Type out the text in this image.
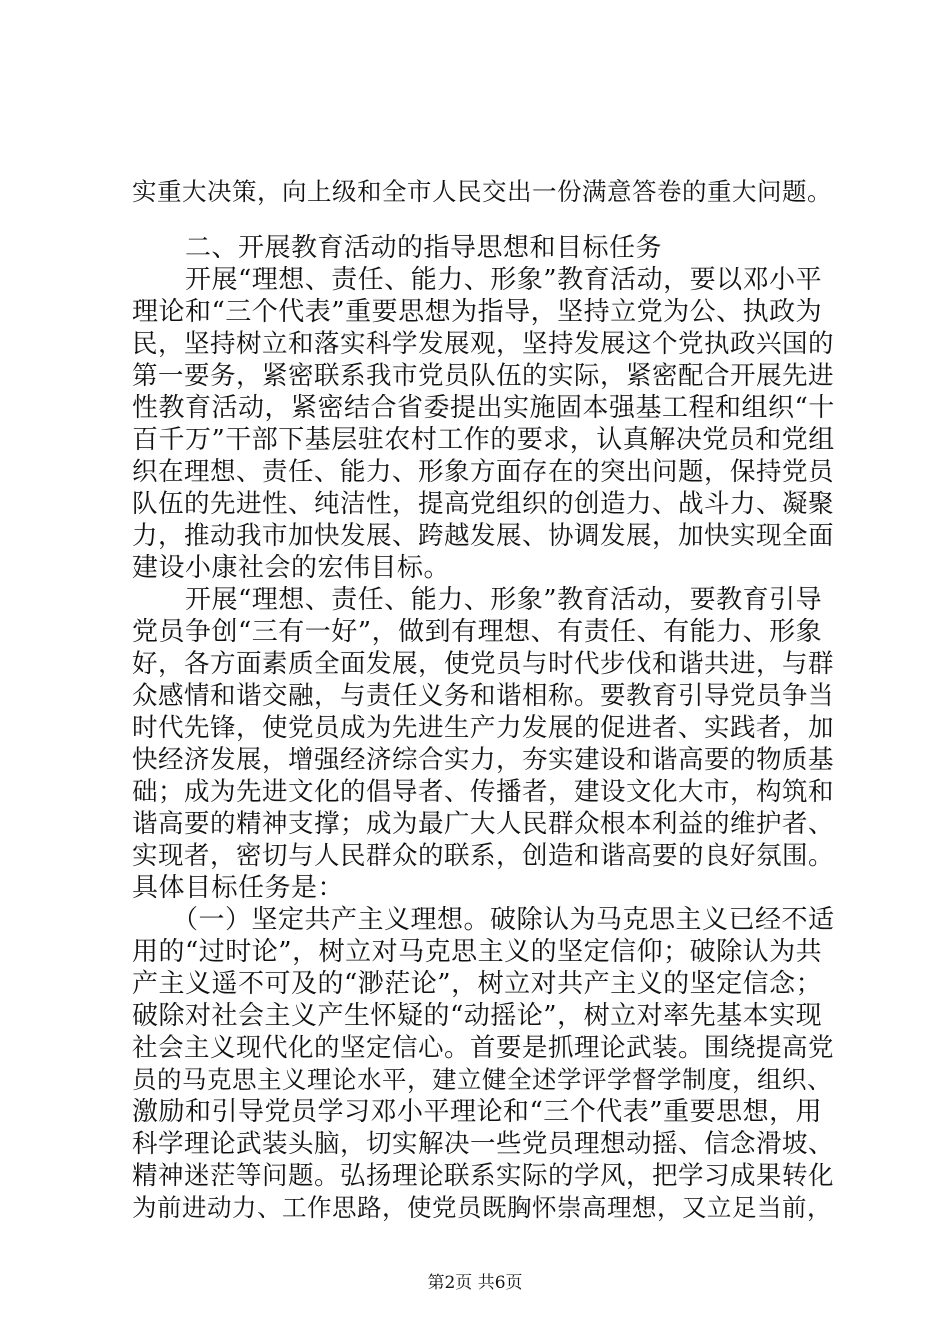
实重大决策，向上级和全市人民交出一份满意答卷的重大问题。
　　二、开展教育活动的指导思想和目标任务
　　开展“理想、责任、能力、形象”教育活动，要以邓小平
理论和“三个代表”重要思想为指导，坚持立党为公、执政为
民，坚持树立和落实科学发展观，坚持发展这个党执政兴国的
第一要务，紧密联系我市党员队伍的实际，紧密配合开展先进
性教育活动，紧密结合省委提出实施固本强基工程和组织“十
百千万”干部下基层驻农村工作的要求，认真解决党员和党组
织在理想、责任、能力、形象方面存在的突出问题，保持党员
队伍的先进性、纯洁性，提高党组织的创造力、战斗力、凝聚
力，推动我市加快发展、跨越发展、协调发展，加快实现全面
建设小康社会的宏伟目标。
　　开展“理想、责任、能力、形象”教育活动，要教育引导
党员争创“三有一好”，做到有理想、有责任、有能力、形象
好，各方面素质全面发展，使党员与时代步伐和谐共进，与群
众感情和谐交融，与责任义务和谐相称。要教育引导党员争当
时代先锋，使党员成为先进生产力发展的促进者、实践者，加
快经济发展，增强经济综合实力，夯实建设和谐高要的物质基
础；成为先进文化的倡导者、传播者，建设文化大市，构筑和
谐高要的精神支撑；成为最广大人民群众根本利益的维护者、
实现者，密切与人民群众的联系，创造和谐高要的良好氛围。
具体目标任务是：
　　（一）坚定共产主义理想。破除认为马克思主义已经不适
用的“过时论”，树立对马克思主义的坚定信仰；破除认为共
产主义遥不可及的“渺茫论”，树立对共产主义的坚定信念；
破除对社会主义产生怀疑的“动摇论”，树立对率先基本实现
社会主义现代化的坚定信心。首要是抓理论武装。围绕提高党
员的马克思主义理论水平，建立健全述学评学督学制度，组织、
激励和引导党员学习邓小平理论和“三个代表”重要思想，用
科学理论武装头脑，切实解决一些党员理想动摇、信念滑坡、
精神迷茫等问题。弘扬理论联系实际的学风，把学习成果转化
为前进动力、工作思路，使党员既胸怀崇高理想，又立足当前，
第2页 共6页
